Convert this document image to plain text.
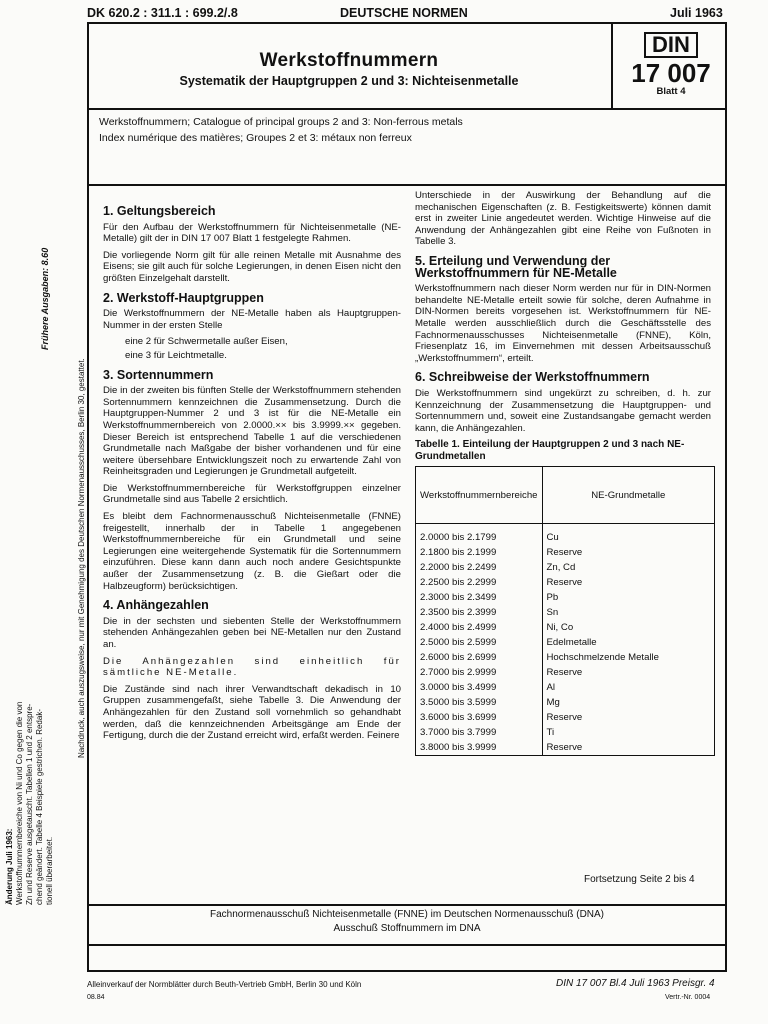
DK 620.2 : 311.1 : 699.2/.8	DEUTSCHE NORMEN	Juli 1963
Frühere Ausgaben: 8.60
Nachdruck, auch auszugsweise, nur mit Genehmigung des Deutschen Normenausschusses, Berlin 30, gestattet.
Änderung Juli 1963: Werkstoffnummernbereiche von Ni und Co gegen die von Zn und Reserve ausgetauscht. Tabellen 1 und 2 entspre- chend geändert. Tabelle 4 Beispiele gestrichen. Redak- tionell überarbeitet.
Werkstoffnummern
Systematik der Hauptgruppen 2 und 3: Nichteisenmetalle
DIN
17 007
Blatt 4
Werkstoffnummern; Catalogue of principal groups 2 and 3: Non-ferrous metals
Index numérique des matières; Groupes 2 et 3: métaux non ferreux
1. Geltungsbereich

Für den Aufbau der Werkstoffnummern für Nichteisenmetalle (NE-Metalle) gilt der in DIN 17 007 Blatt 1 festgelegte Rahmen.

Die vorliegende Norm gilt für alle reinen Metalle mit Ausnahme des Eisens; sie gilt auch für solche Legierungen, in denen Eisen nicht den größten Einzelgehalt darstellt.

2. Werkstoff-Hauptgruppen

Die Werkstoffnummern der NE-Metalle haben als Hauptgruppen-Nummer in der ersten Stelle

eine 2 für Schwermetalle außer Eisen,

eine 3 für Leichtmetalle.

3. Sortennummern

Die in der zweiten bis fünften Stelle der Werkstoffnummern stehenden Sortennummern kennzeichnen die Zusammensetzung. Durch die Hauptgruppen-Nummer 2 und 3 ist für die NE-Metalle ein Werkstoffnummernbereich von 2.0000.×× bis 3.9999.×× gegeben. Dieser Bereich ist entsprechend Tabelle 1 auf die verschiedenen Grundmetalle nach Maßgabe der bisher vorhandenen und für eine weitere übersehbare Entwicklungszeit noch zu erwartende Zahl von Reinheitsgraden und Legierungen je Grundmetall aufgeteilt.

Die Werkstoffnummernbereiche für Werkstoffgruppen einzelner Grundmetalle sind aus Tabelle 2 ersichtlich.

Es bleibt dem Fachnormenausschuß Nichteisenmetalle (FNNE) freigestellt, innerhalb der in Tabelle 1 angegebenen Werkstoffnummernbereiche für ein Grundmetall und seine Legierungen eine weitergehende Systematik für die Sortennummern einzuführen. Diese kann dann auch noch andere Gesichtspunkte außer der Zusammensetzung (z. B. die Gießart oder die Halbzeugform) berücksichtigen.

4. Anhängezahlen

Die in der sechsten und siebenten Stelle der Werkstoffnummern stehenden Anhängezahlen geben bei NE-Metallen nur den Zustand an.

Die Anhängezahlen sind einheitlich für sämtliche NE-Metalle.

Die Zustände sind nach ihrer Verwandtschaft dekadisch in 10 Gruppen zusammengefaßt, siehe Tabelle 3. Die Anwendung der Anhängezahlen für den Zustand soll vornehmlich so gehandhabt werden, daß die kennzeichnenden Arbeitsgänge am Ende der Fertigung, durch die der Zustand erreicht wird, erfaßt werden. Feinere

Unterschiede in der Auswirkung der Behandlung auf die mechanischen Eigenschaften (z. B. Festigkeitswerte) können damit erst in zweiter Linie angedeutet werden. Wichtige Hinweise auf die Anwendung der Anhängezahlen gibt eine Reihe von Fußnoten in Tabelle 3.

5. Erteilung und Verwendung der Werkstoffnummern für NE-Metalle

Werkstoffnummern nach dieser Norm werden nur für in DIN-Normen behandelte NE-Metalle erteilt sowie für solche, deren Aufnahme in DIN-Normen bereits vorgesehen ist. Werkstoffnummern für NE-Metalle werden ausschließlich durch die Geschäftsstelle des Fachnormenausschusses Nichteisenmetalle (FNNE), Köln, Friesenplatz 16, im Einvernehmen mit dessen Arbeitsausschuß „Werkstoffnummern“, erteilt.

6. Schreibweise der Werkstoffnummern

Die Werkstoffnummern sind ungekürzt zu schreiben, d. h. zur Kennzeichnung der Zusammensetzung die Hauptgruppen- und Sortennummern und, soweit eine Zustandsangabe gemacht werden kann, die Anhängezahlen.

Tabelle 1. Einteilung der Hauptgruppen 2 und 3 nach NE-Grundmetallen
Werkstoffnummernbereiche	NE-Grundmetalle
2.0000 bis 2.1799	Cu
2.1800 bis 2.1999	Reserve
2.2000 bis 2.2499	Zn, Cd
2.2500 bis 2.2999	Reserve
2.3000 bis 2.3499	Pb
2.3500 bis 2.3999	Sn
2.4000 bis 2.4999	Ni, Co
2.5000 bis 2.5999	Edelmetalle
2.6000 bis 2.6999	Hochschmelzende Metalle
2.7000 bis 2.9999	Reserve
3.0000 bis 3.4999	Al
3.5000 bis 3.5999	Mg
3.6000 bis 3.6999	Reserve
3.7000 bis 3.7999	Ti
3.8000 bis 3.9999	Reserve
Fortsetzung Seite 2 bis 4
Fachnormenausschuß Nichteisenmetalle (FNNE) im Deutschen Normenausschuß (DNA)
Ausschuß Stoffnummern im DNA
Alleinverkauf der Normblätter durch Beuth-Vertrieb GmbH, Berlin 30 und Köln	DIN 17 007 Bl.4 Juli 1963 Preisgr. 4
08.84	Vertr.-Nr. 0004
